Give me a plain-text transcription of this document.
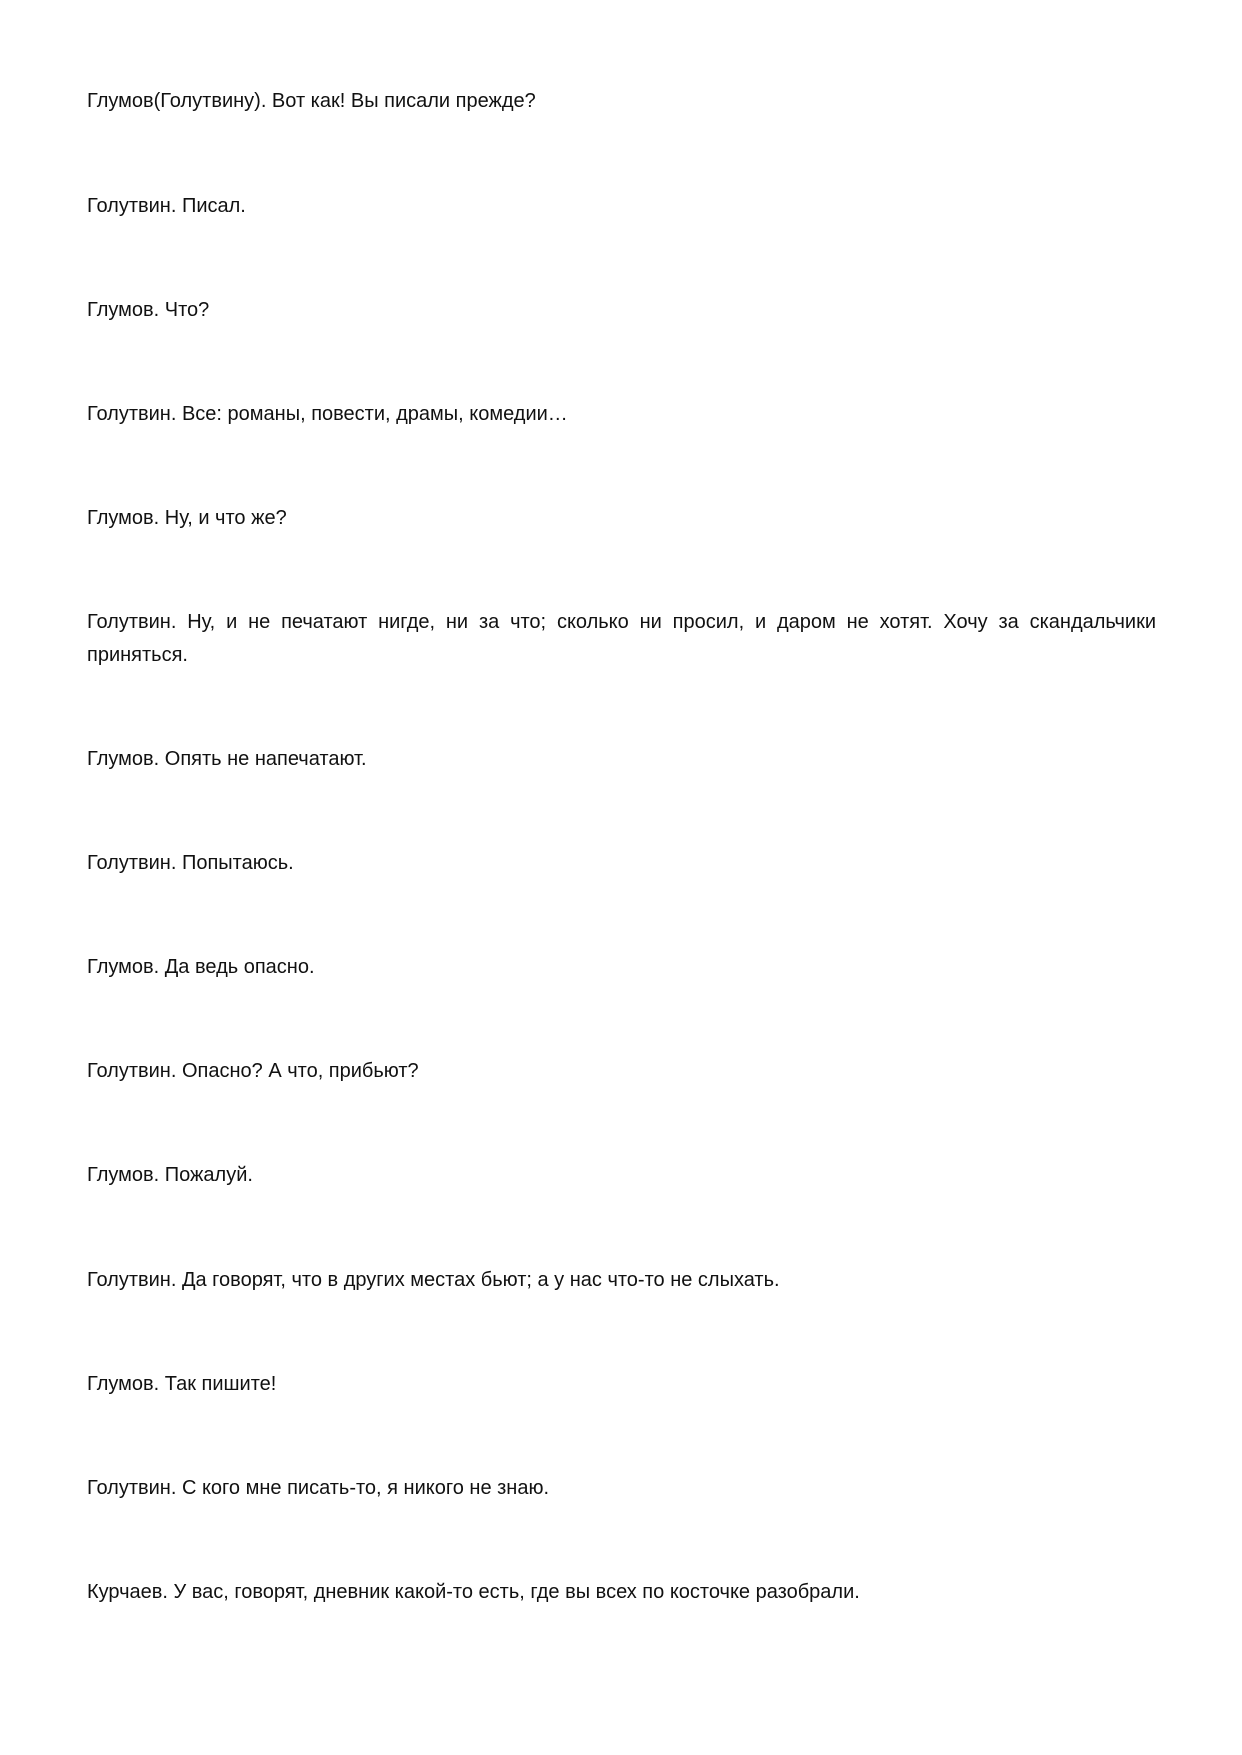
Глумов(Голутвину). Вот как! Вы писали прежде?

Голутвин. Писал.

Глумов. Что?

Голутвин. Все: романы, повести, драмы, комедии…

Глумов. Ну, и что же?

Голутвин. Ну, и не печатают нигде, ни за что; сколько ни просил, и даром не хотят. Хочу за скандальчики приняться.

Глумов. Опять не напечатают.

Голутвин. Попытаюсь.

Глумов. Да ведь опасно.

Голутвин. Опасно? А что, прибьют?

Глумов. Пожалуй.

Голутвин. Да говорят, что в других местах бьют; а у нас что-то не слыхать.

Глумов. Так пишите!

Голутвин. С кого мне писать-то, я никого не знаю.

Курчаев. У вас, говорят, дневник какой-то есть, где вы всех по косточке разобрали.
